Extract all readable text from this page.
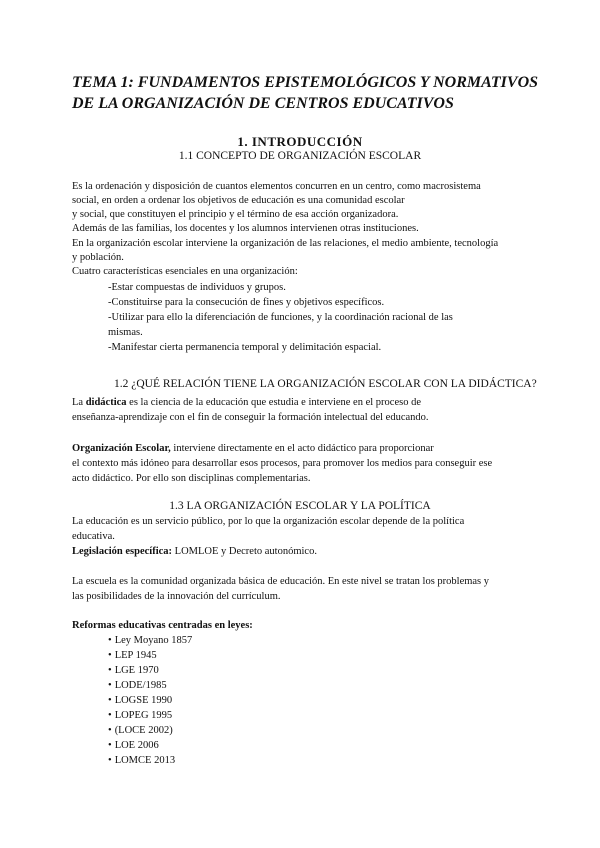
TEMA 1: FUNDAMENTOS EPISTEMOLÓGICOS Y NORMATIVOS
DE LA ORGANIZACIÓN DE CENTROS EDUCATIVOS
1. INTRODUCCIÓN
1.1 CONCEPTO DE ORGANIZACIÓN ESCOLAR
Es la ordenación y disposición de cuantos elementos concurren en un centro, como macrosistema
social, en orden a ordenar los objetivos de educación es una comunidad escolar
y social, que constituyen el principio y el término de esa acción organizadora.
Además de las familias, los docentes y los alumnos intervienen otras instituciones.
En la organización escolar interviene la organización de las relaciones, el medio ambiente, tecnología
y población.
Cuatro características esenciales en una organización:
-Estar compuestas de individuos y grupos.
-Constituirse para la consecución de fines y objetivos específicos.
-Utilizar para ello la diferenciación de funciones, y la coordinación racional de las
mismas.
-Manifestar cierta permanencia temporal y delimitación espacial.
1.2 ¿QUÉ RELACIÓN TIENE LA ORGANIZACIÓN ESCOLAR CON LA DIDÁCTICA?
La didáctica es la ciencia de la educación que estudia e interviene en el proceso de
enseñanza-aprendizaje con el fin de conseguir la formación intelectual del educando.
Organización Escolar, interviene directamente en el acto didáctico para proporcionar
el contexto más idóneo para desarrollar esos procesos, para promover los medios para conseguir ese
acto didáctico. Por ello son disciplinas complementarias.
1.3 LA ORGANIZACIÓN ESCOLAR Y LA POLÍTICA
La educación es un servicio público, por lo que la organización escolar depende de la política
educativa.
Legislación específica: LOMLOE y Decreto autonómico.
La escuela es la comunidad organizada básica de educación. En este nivel se tratan los problemas y
las posibilidades de la innovación del currículum.
Reformas educativas centradas en leyes:
• Ley Moyano 1857
• LEP 1945
• LGE 1970
• LODE/1985
• LOGSE 1990
• LOPEG 1995
• (LOCE 2002)
• LOE 2006
• LOMCE 2013
